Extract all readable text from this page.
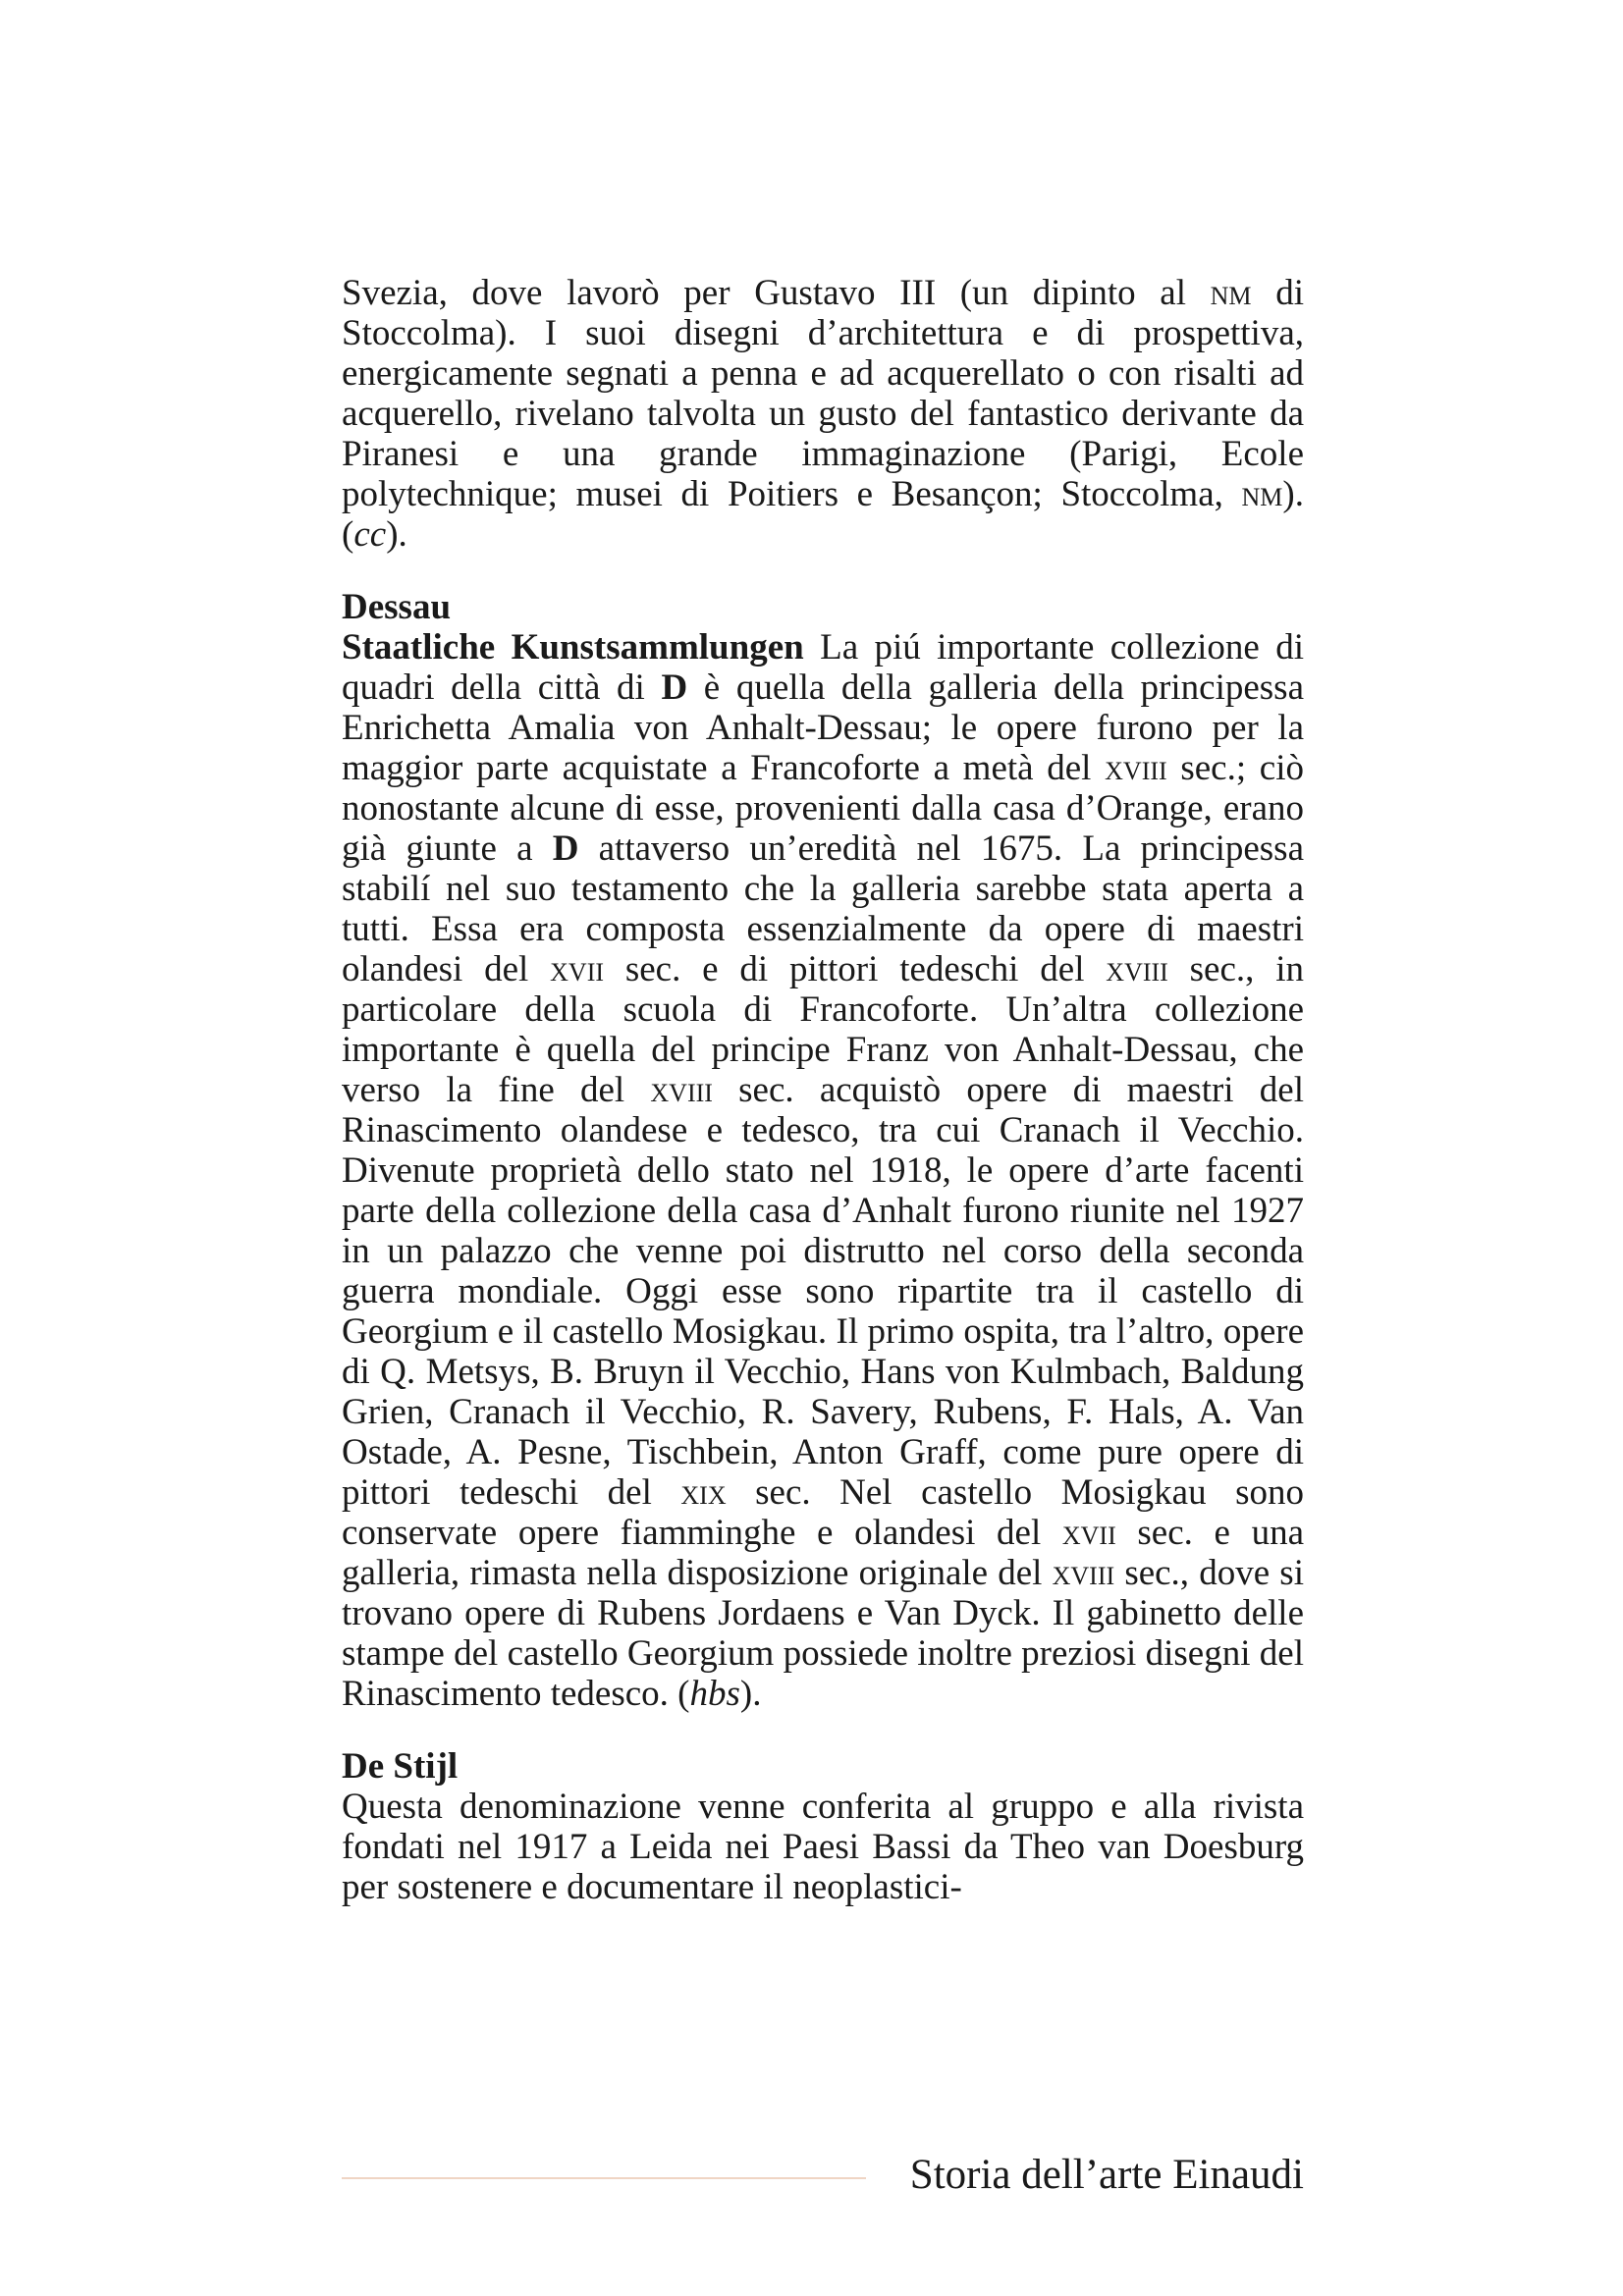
Svezia, dove lavorò per Gustavo III (un dipinto al nm di Stoccolma). I suoi disegni d’architettura e di prospettiva, energicamente segnati a penna e ad acquerellato o con risalti ad acquerello, rivelano talvolta un gusto del fantastico derivante da Piranesi e una grande immaginazione (Parigi, Ecole polytechnique; musei di Poitiers e Besançon; Stoccolma, nm). (cc).

Dessau

Staatliche Kunstsammlungen La piú importante collezione di quadri della città di D è quella della galleria della principessa Enrichetta Amalia von Anhalt-Dessau; le opere furono per la maggior parte acquistate a Francoforte a metà del xviii sec.; ciò nonostante alcune di esse, provenienti dalla casa d’Orange, erano già giunte a D attaverso un’eredità nel 1675. La principessa stabilí nel suo testamento che la galleria sarebbe stata aperta a tutti. Essa era composta essenzialmente da opere di maestri olandesi del xvii sec. e di pittori tedeschi del xviii sec., in particolare della scuola di Francoforte. Un’altra collezione importante è quella del principe Franz von Anhalt-Dessau, che verso la fine del xviii sec. acquistò opere di maestri del Rinascimento olandese e tedesco, tra cui Cranach il Vecchio. Divenute proprietà dello stato nel 1918, le opere d’arte facenti parte della collezione della casa d’Anhalt furono riunite nel 1927 in un palazzo che venne poi distrutto nel corso della seconda guerra mondiale. Oggi esse sono ripartite tra il castello di Georgium e il castello Mosigkau. Il primo ospita, tra l’altro, opere di Q. Metsys, B. Bruyn il Vecchio, Hans von Kulmbach, Baldung Grien, Cranach il Vecchio, R. Savery, Rubens, F. Hals, A. Van Ostade, A. Pesne, Tischbein, Anton Graff, come pure opere di pittori tedeschi del xix sec. Nel castello Mosigkau sono conservate opere fiamminghe e olandesi del xvii sec. e una galleria, rimasta nella disposizione originale del xviii sec., dove si trovano opere di Rubens Jordaens e Van Dyck. Il gabinetto delle stampe del castello Georgium possiede inoltre preziosi disegni del Rinascimento tedesco. (hbs).

De Stijl

Questa denominazione venne conferita al gruppo e alla rivista fondati nel 1917 a Leida nei Paesi Bassi da Theo van Doesburg per sostenere e documentare il neoplastici-

Storia dell’arte Einaudi
